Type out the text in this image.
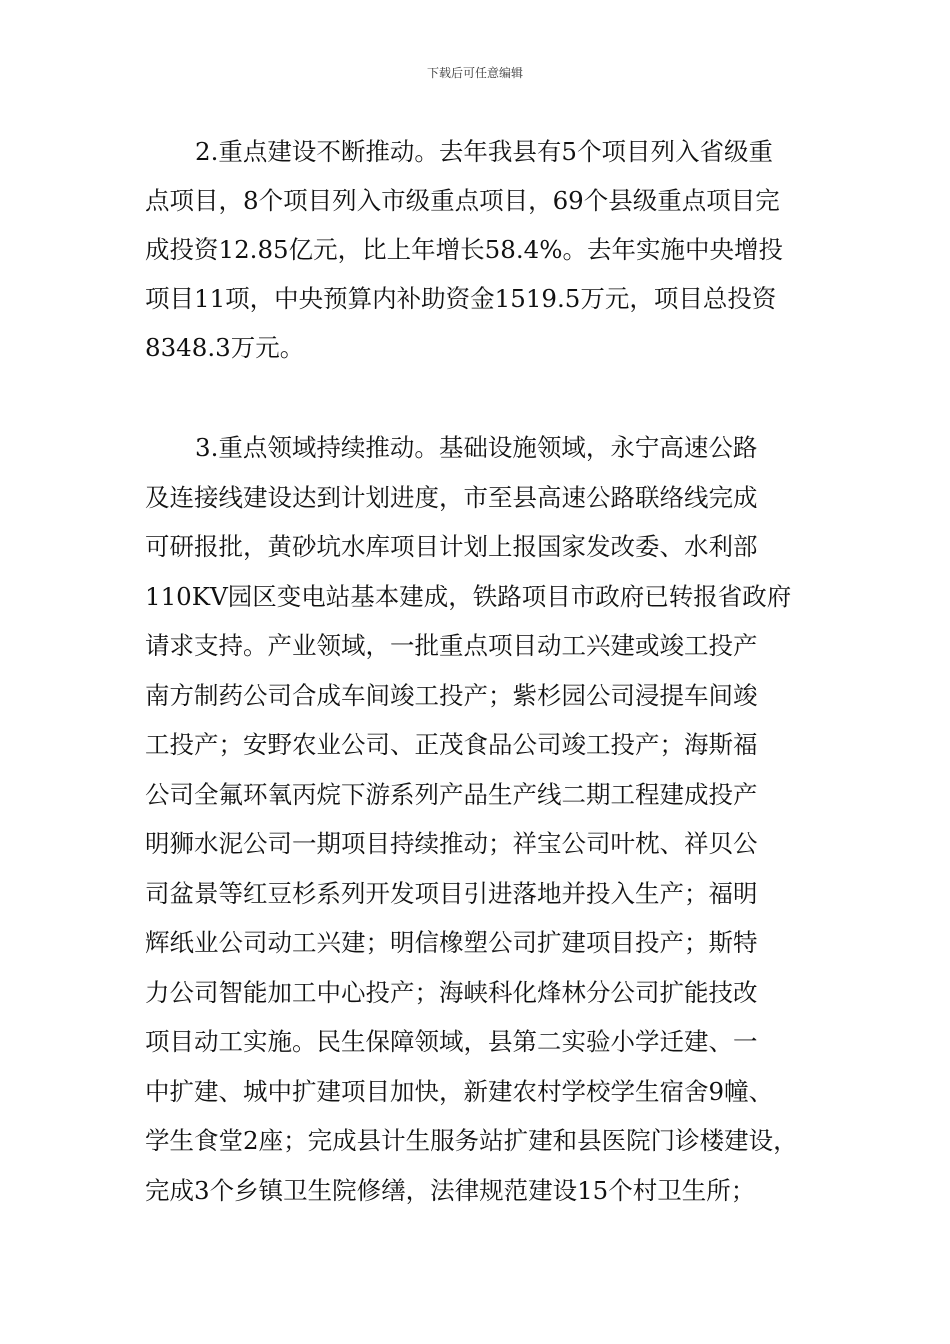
下载后可任意编辑
2.重点建设不断推动。去年我县有5个项目列入省级重
点项目，8个项目列入市级重点项目，69个县级重点项目完
成投资12.85亿元，比上年增长58.4%。去年实施中央增投
项目11项，中央预算内补助资金1519.5万元，项目总投资
8348.3万元。
3.重点领域持续推动。基础设施领域，永宁高速公路
及连接线建设达到计划进度，市至县高速公路联络线完成
可研报批，黄砂坑水库项目计划上报国家发改委、水利部
110KV园区变电站基本建成，铁路项目市政府已转报省政府
请求支持。产业领域，一批重点项目动工兴建或竣工投产
南方制药公司合成车间竣工投产；紫杉园公司浸提车间竣
工投产；安野农业公司、正茂食品公司竣工投产；海斯福
公司全氟环氧丙烷下游系列产品生产线二期工程建成投产
明狮水泥公司一期项目持续推动；祥宝公司叶枕、祥贝公
司盆景等红豆杉系列开发项目引进落地并投入生产；福明
辉纸业公司动工兴建；明信橡塑公司扩建项目投产；斯特
力公司智能加工中心投产；海峡科化烽林分公司扩能技改
项目动工实施。民生保障领域，县第二实验小学迁建、一
中扩建、城中扩建项目加快，新建农村学校学生宿舍9幢、
学生食堂2座；完成县计生服务站扩建和县医院门诊楼建设，
完成3个乡镇卫生院修缮，法律规范建设15个村卫生所；
